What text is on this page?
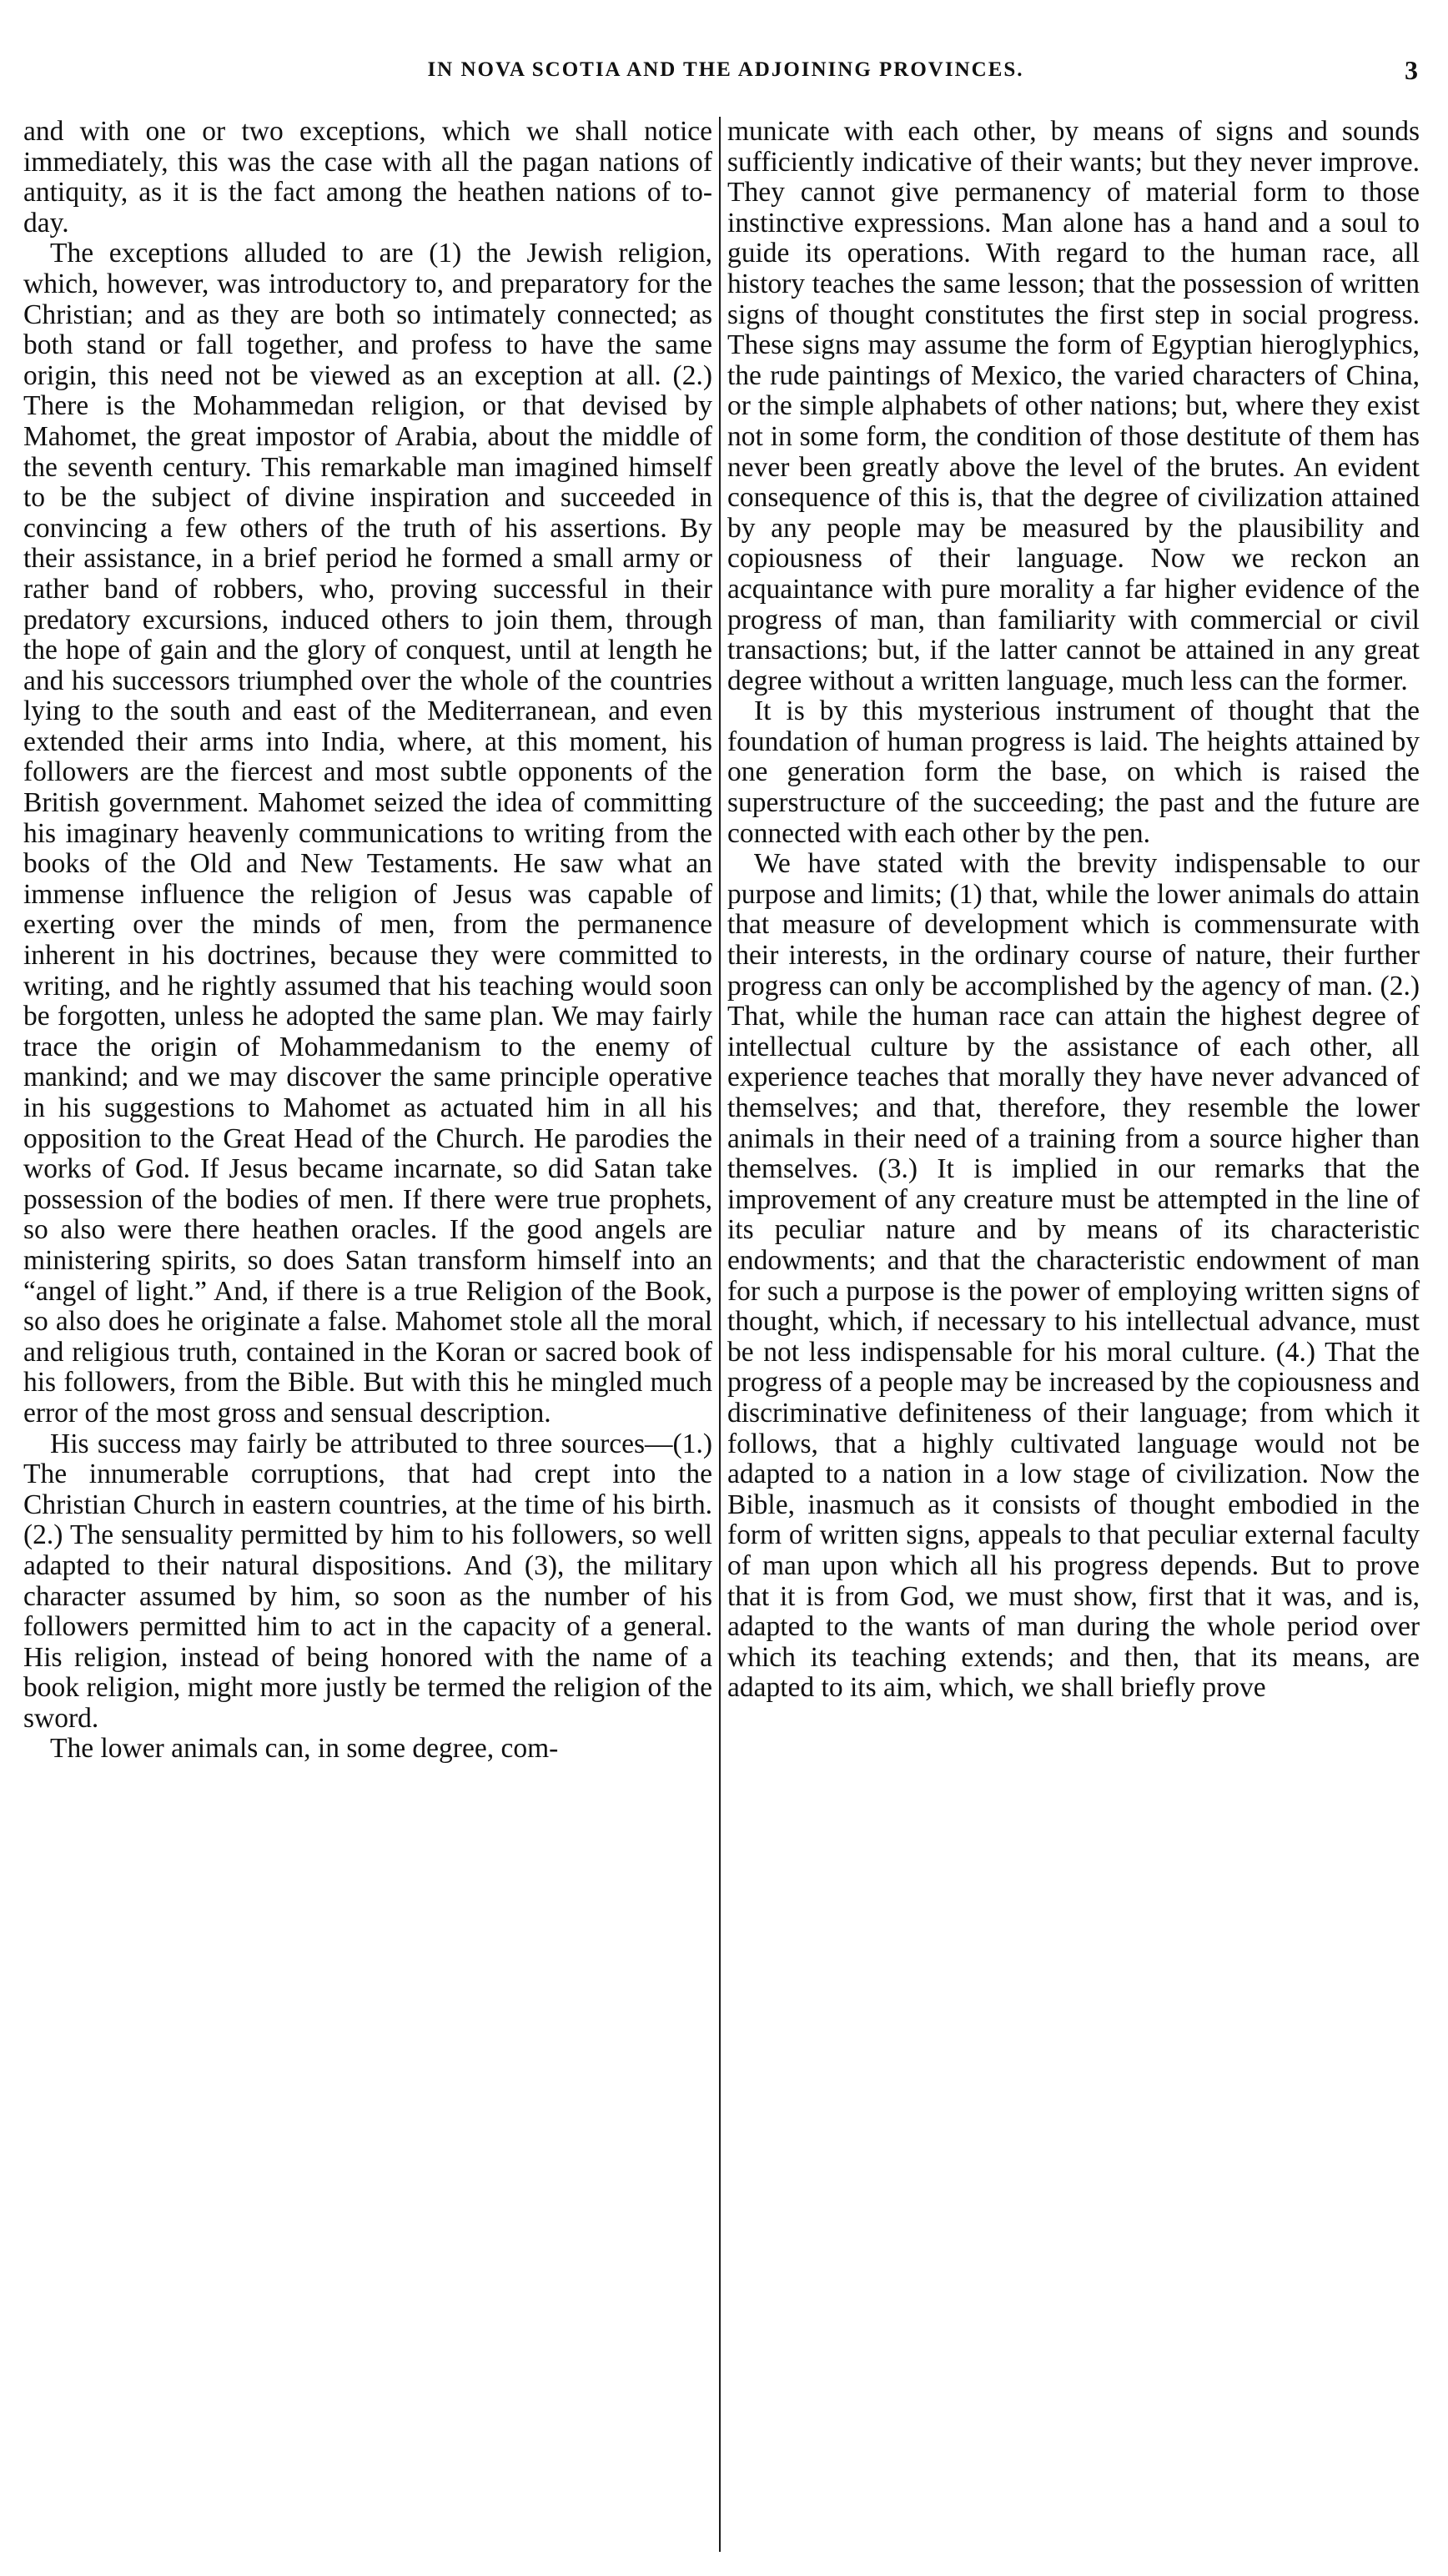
IN NOVA SCOTIA AND THE ADJOINING PROVINCES.	3

and with one or two exceptions, which we shall notice immediately, this was the case with all the pagan nations of antiquity, as it is the fact among the heathen nations of to-day.

The exceptions alluded to are (1) the Jewish religion, which, however, was introductory to, and preparatory for the Christian; and as they are both so intimately connected; as both stand or fall together, and profess to have the same origin, this need not be viewed as an exception at all. (2.) There is the Mohammedan religion, or that devised by Mahomet, the great impostor of Arabia, about the middle of the seventh century. This remarkable man imagined himself to be the subject of divine inspiration and succeeded in convincing a few others of the truth of his assertions. By their assistance, in a brief period he formed a small army or rather band of robbers, who, proving successful in their predatory excursions, induced others to join them, through the hope of gain and the glory of conquest, until at length he and his successors triumphed over the whole of the countries lying to the south and east of the Mediterranean, and even extended their arms into India, where, at this moment, his followers are the fiercest and most subtle opponents of the British government. Mahomet seized the idea of committing his imaginary heavenly communications to writing from the books of the Old and New Testaments. He saw what an immense influence the religion of Jesus was capable of exerting over the minds of men, from the permanence inherent in his doctrines, because they were committed to writing, and he rightly assumed that his teaching would soon be forgotten, unless he adopted the same plan. We may fairly trace the origin of Mohammedanism to the enemy of mankind; and we may discover the same principle operative in his suggestions to Mahomet as actuated him in all his opposition to the Great Head of the Church. He parodies the works of God. If Jesus became incarnate, so did Satan take possession of the bodies of men. If there were true prophets, so also were there heathen oracles. If the good angels are ministering spirits, so does Satan transform himself into an “angel of light.” And, if there is a true Religion of the Book, so also does he originate a false. Mahomet stole all the moral and religious truth, contained in the Koran or sacred book of his followers, from the Bible. But with this he mingled much error of the most gross and sensual description.

His success may fairly be attributed to three sources—(1.) The innumerable corruptions, that had crept into the Christian Church in eastern countries, at the time of his birth. (2.) The sensuality permitted by him to his followers, so well adapted to their natural dispositions. And (3), the military character assumed by him, so soon as the number of his followers permitted him to act in the capacity of a general. His religion, instead of being honored with the name of a book religion, might more justly be termed the religion of the sword.

The lower animals can, in some degree, com-

municate with each other, by means of signs and sounds sufficiently indicative of their wants; but they never improve. They cannot give permanency of material form to those instinctive expressions. Man alone has a hand and a soul to guide its operations. With regard to the human race, all history teaches the same lesson; that the possession of written signs of thought constitutes the first step in social progress. These signs may assume the form of Egyptian hieroglyphics, the rude paintings of Mexico, the varied characters of China, or the simple alphabets of other nations; but, where they exist not in some form, the condition of those destitute of them has never been greatly above the level of the brutes. An evident consequence of this is, that the degree of civilization attained by any people may be measured by the plausibility and copiousness of their language. Now we reckon an acquaintance with pure morality a far higher evidence of the progress of man, than familiarity with commercial or civil transactions; but, if the latter cannot be attained in any great degree without a written language, much less can the former.

It is by this mysterious instrument of thought that the foundation of human progress is laid. The heights attained by one generation form the base, on which is raised the superstructure of the succeeding; the past and the future are connected with each other by the pen.

We have stated with the brevity indispensable to our purpose and limits; (1) that, while the lower animals do attain that measure of development which is commensurate with their interests, in the ordinary course of nature, their further progress can only be accomplished by the agency of man. (2.) That, while the human race can attain the highest degree of intellectual culture by the assistance of each other, all experience teaches that morally they have never advanced of themselves; and that, therefore, they resemble the lower animals in their need of a training from a source higher than themselves. (3.) It is implied in our remarks that the improvement of any creature must be attempted in the line of its peculiar nature and by means of its characteristic endowments; and that the characteristic endowment of man for such a purpose is the power of employing written signs of thought, which, if necessary to his intellectual advance, must be not less indispensable for his moral culture. (4.) That the progress of a people may be increased by the copiousness and discriminative definiteness of their language; from which it follows, that a highly cultivated language would not be adapted to a nation in a low stage of civilization. Now the Bible, inasmuch as it consists of thought embodied in the form of written signs, appeals to that peculiar external faculty of man upon which all his progress depends. But to prove that it is from God, we must show, first that it was, and is, adapted to the wants of man during the whole period over which its teaching extends; and then, that its means, are adapted to its aim, which, we shall briefly prove
